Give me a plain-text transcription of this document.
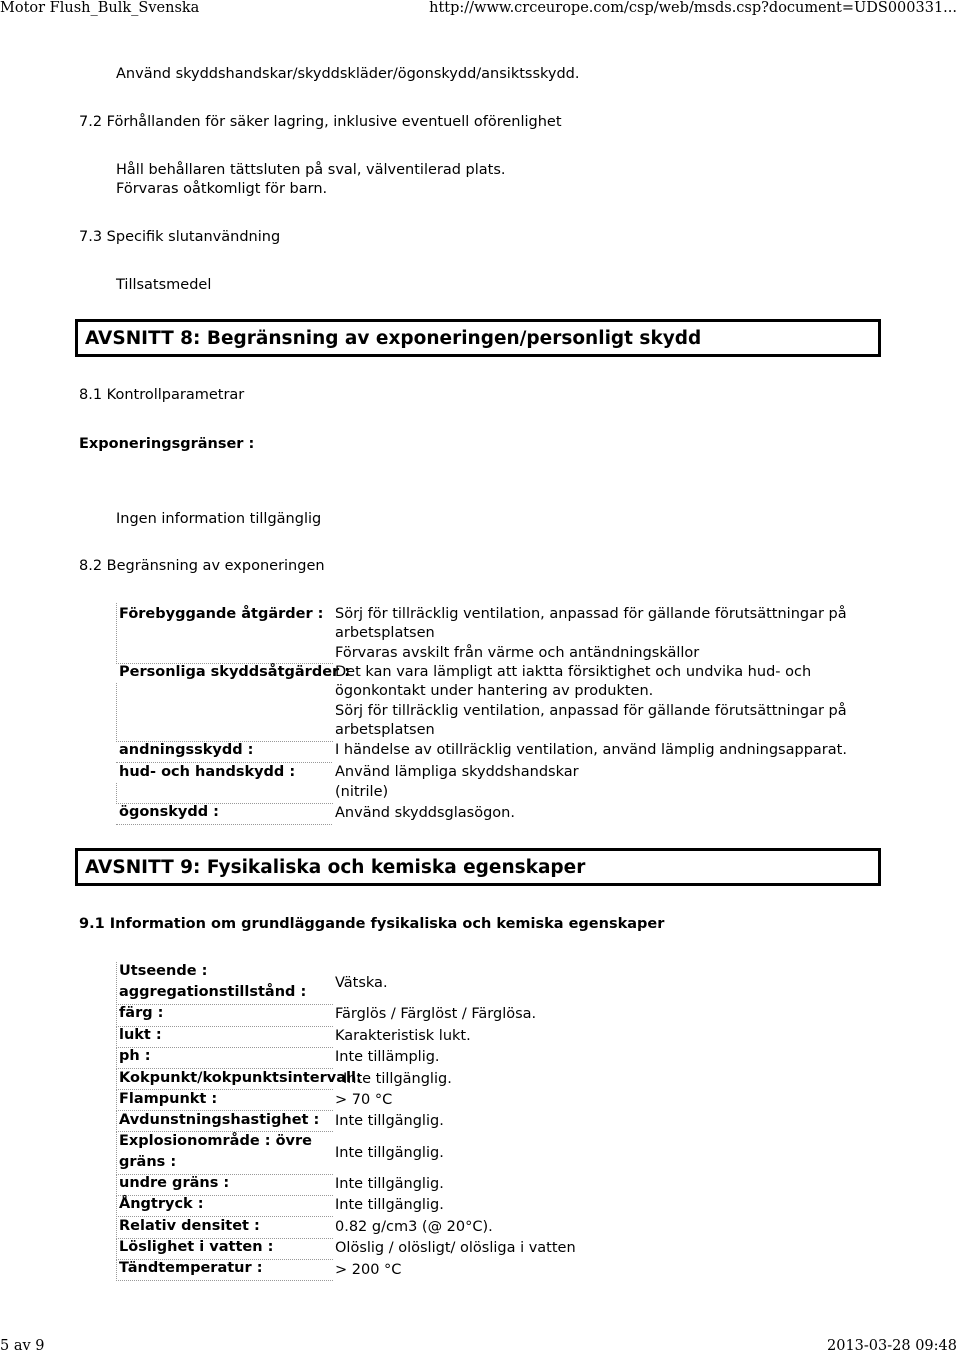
Motor Flush_Bulk_Svenska	http://www.crceurope.com/csp/web/msds.csp?document=UDS000331...
Använd skyddshandskar/skyddskläder/ögonskydd/ansiktsskydd.
7.2 Förhållanden för säker lagring, inklusive eventuell oförenlighet
Håll behållaren tättsluten på sval, välventilerad plats.
Förvaras oåtkomligt för barn.
7.3 Specifik slutanvändning
Tillsatsmedel
AVSNITT 8: Begränsning av exponeringen/personligt skydd
8.1 Kontrollparametrar
Exponeringsgränser :
Ingen information tillgänglig
8.2 Begränsning av exponeringen
Förebyggande åtgärder : Sörj för tillräcklig ventilation, anpassad för gällande förutsättningar på
arbetsplatsen
Förvaras avskilt från värme och antändningskällor
Personliga skyddsåtgärder :
Det kan vara lämpligt att iaktta försiktighet och undvika hud- och
ögonkontakt under hantering av produkten.
Sörj för tillräcklig ventilation, anpassad för gällande förutsättningar på
arbetsplatsen
andningsskydd :	I händelse av otillräcklig ventilation, använd lämplig andningsapparat.
hud- och handskydd :	Använd lämpliga skyddshandskar
(nitrile)
ögonskydd :	Använd skyddsglasögon.
AVSNITT 9: Fysikaliska och kemiska egenskaper
9.1 Information om grundläggande fysikaliska och kemiska egenskaper
Utseende :
aggregationstillstånd :
Vätska.
färg :	Färglös / Färglöst / Färglösa.
lukt :	Karakteristisk lukt.
ph :	Inte tillämplig.
Kokpunkt/kokpunktsintervall:
Inte tillgänglig.
Flampunkt :	> 70 °C
Avdunstningshastighet : Inte tillgänglig.
Explosionområde : övre
gräns :
Inte tillgänglig.
undre gräns :	Inte tillgänglig.
Ångtryck :	Inte tillgänglig.
Relativ densitet :	0.82 g/cm3 (@ 20°C).
Löslighet i vatten :	Olöslig / olösligt/ olösliga i vatten
Tändtemperatur :	> 200 °C
5 av 9	2013-03-28 09:48
